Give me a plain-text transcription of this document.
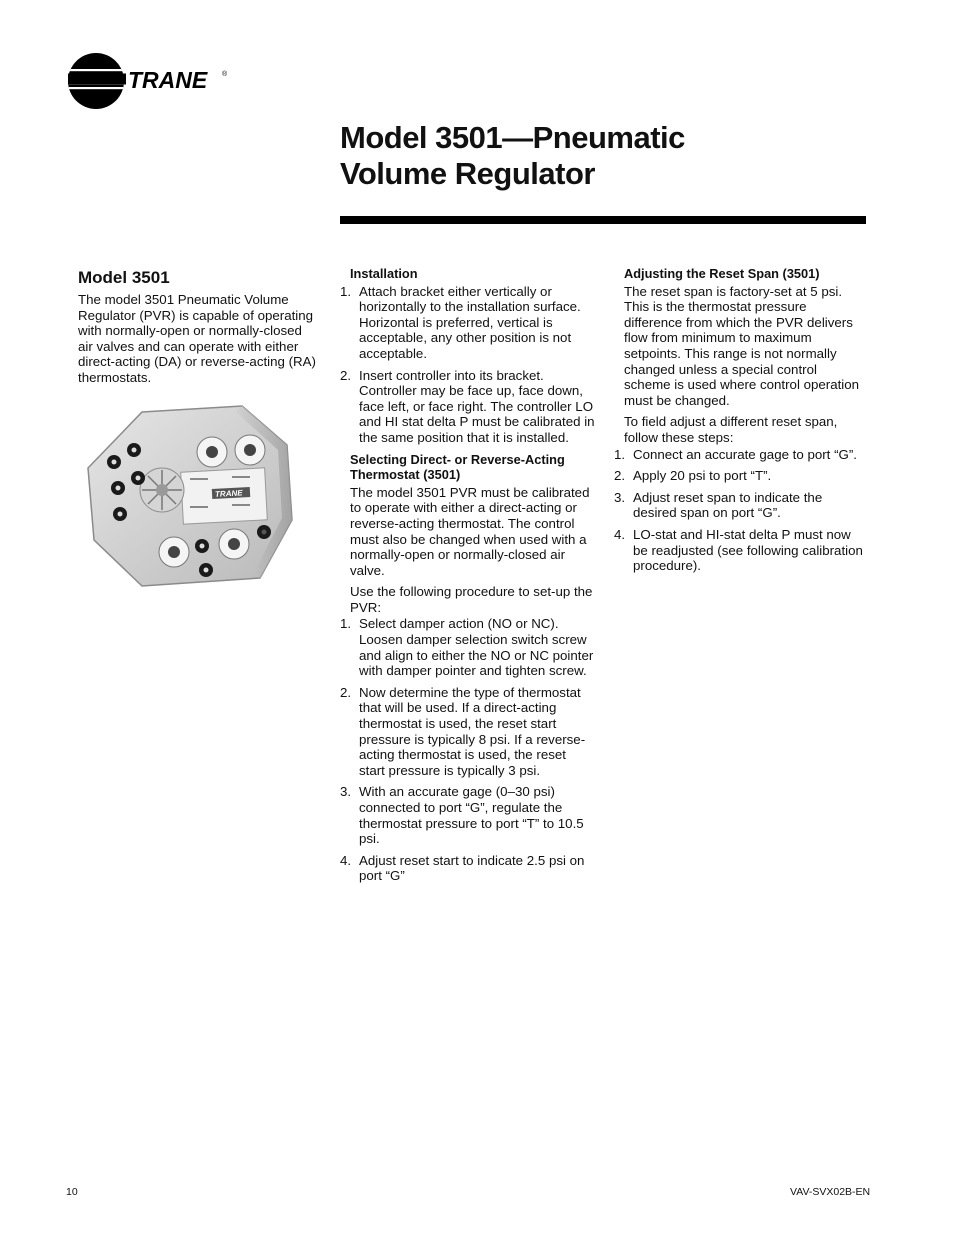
TRANE ®
Model 3501—Pneumatic
Volume Regulator
Model 3501

The model 3501 Pneumatic Volume Regulator (PVR) is capable of operating with normally-open or normally-closed air valves and can operate with either direct-acting (DA) or reverse-acting (RA) thermostats.

TRANE
Installation
1. Attach bracket either vertically or horizontally to the installation surface. Horizontal is preferred, vertical is acceptable, any other position is not acceptable.
2. Insert controller into its bracket. Controller may be face up, face down, face left, or face right. The controller LO and HI stat delta P must be calibrated in the same position that it is installed.
Selecting Direct- or Reverse-Acting Thermostat (3501)

The model 3501 PVR must be calibrated to operate with either a direct-acting or reverse-acting thermostat. The control must also be changed when used with a normally-open or normally-closed air valve.

Use the following procedure to set-up the PVR:

1. Select damper action (NO or NC). Loosen damper selection switch screw and align to either the NO or NC pointer with damper pointer and tighten screw.
2. Now determine the type of thermostat that will be used. If a direct-acting thermostat is used, the reset start pressure is typically 8 psi. If a reverse-acting thermostat is used, the reset start pressure is typically 3 psi.
3. With an accurate gage (0–30 psi) connected to port “G”, regulate the thermostat pressure to port “T” to 10.5 psi.
4. Adjust reset start to indicate 2.5 psi on port “G”
Adjusting the Reset Span (3501)

The reset span is factory-set at 5 psi. This is the thermostat pressure difference from which the PVR delivers flow from minimum to maximum setpoints. This range is not normally changed unless a special control scheme is used where control operation must be changed.

To field adjust a different reset span, follow these steps:

1. Connect an accurate gage to port “G”.
2. Apply 20 psi to port “T”.
3. Adjust reset span to indicate the desired span on port “G”.
4. LO-stat and HI-stat delta P must now be readjusted (see following calibration procedure).
10	VAV-SVX02B-EN
